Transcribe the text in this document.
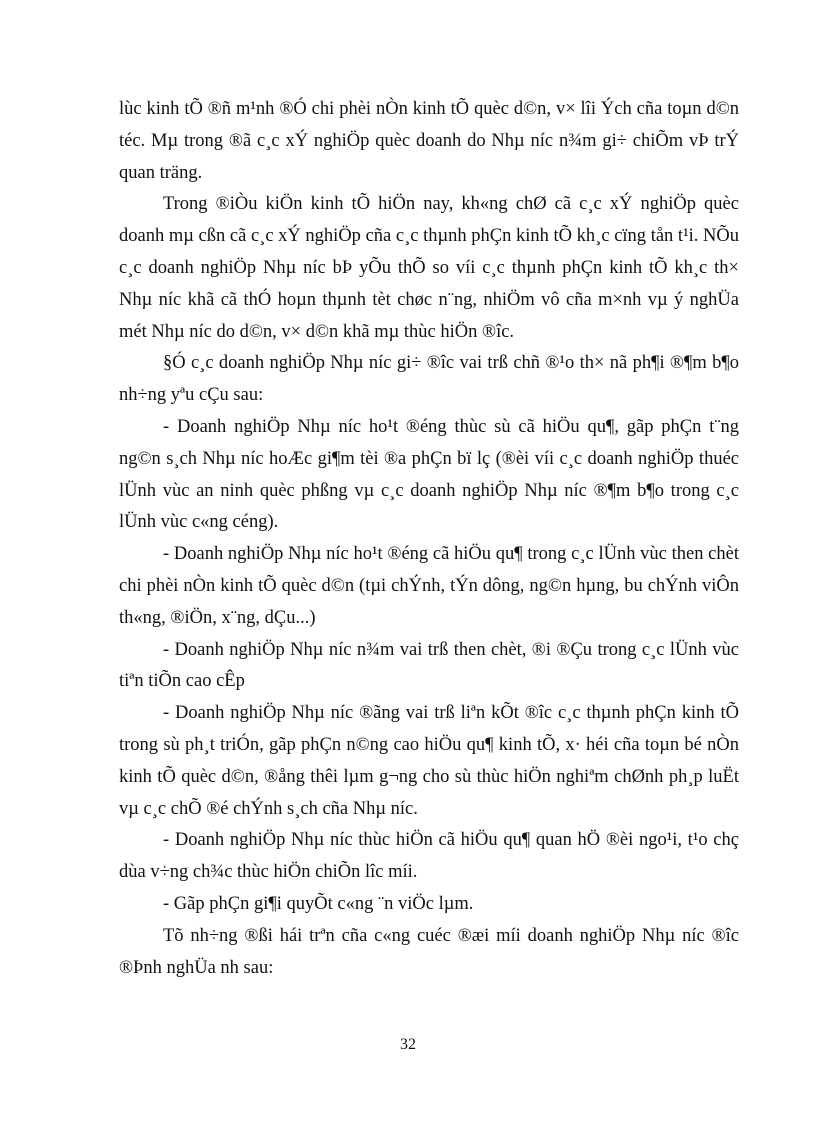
lùc kinh tÕ ®ñ m¹nh ®Ó chi phèi nÒn kinh tÕ quèc d©n, v× lîi Ých cña toµn d©n téc. Mµ trong ®ã c¸c xÝ nghiÖp quèc doanh do Nhµ níc n¾m gi÷ chiÕm vÞ trÝ quan träng.

Trong ®iÒu kiÖn kinh tÕ hiÖn nay, kh«ng chØ cã c¸c xÝ nghiÖp quèc doanh mµ cßn cã c¸c xÝ nghiÖp cña c¸c thµnh phÇn kinh tÕ kh¸c cïng tån t¹i. NÕu c¸c doanh nghiÖp Nhµ níc bÞ yÕu thÕ so víi c¸c thµnh phÇn kinh tÕ kh¸c th× Nhµ níc khã cã thÓ hoµn thµnh tèt chøc n¨ng, nhiÖm vô cña m×nh vµ ý nghÜa mét Nhµ níc do d©n, v× d©n khã mµ thùc hiÖn ®îc.

§Ó c¸c doanh nghiÖp Nhµ níc gi÷ ®îc vai trß chñ ®¹o th× nã ph¶i ®¶m b¶o nh÷ng yªu cÇu sau:

- Doanh nghiÖp Nhµ níc ho¹t ®éng thùc sù cã hiÖu qu¶, gãp phÇn t¨ng ng©n s¸ch Nhµ níc hoÆc gi¶m tèi ®a phÇn bï lç (®èi víi c¸c doanh nghiÖp thuéc lÜnh vùc an ninh quèc phßng vµ c¸c doanh nghiÖp Nhµ níc ®¶m b¶o trong c¸c lÜnh vùc c«ng céng).

- Doanh nghiÖp Nhµ níc ho¹t ®éng cã hiÖu qu¶ trong c¸c lÜnh vùc then chèt chi phèi nÒn kinh tÕ quèc d©n (tµi chÝnh, tÝn dông, ng©n hµng, bu chÝnh viÔn th«ng, ®iÖn, x¨ng, dÇu...)

- Doanh nghiÖp Nhµ níc n¾m vai trß then chèt, ®i ®Çu trong c¸c lÜnh vùc tiªn tiÕn cao cÊp

- Doanh nghiÖp Nhµ níc ®ãng vai trß liªn kÕt ®îc c¸c thµnh phÇn kinh tÕ trong sù ph¸t triÓn, gãp phÇn n©ng cao hiÖu qu¶ kinh tÕ, x· héi cña toµn bé nÒn kinh tÕ quèc d©n, ®ång thêi lµm g¬ng cho sù thùc hiÖn nghiªm chØnh ph¸p luËt vµ c¸c chÕ ®é chÝnh s¸ch cña Nhµ níc.

- Doanh nghiÖp Nhµ níc thùc hiÖn cã hiÖu qu¶ quan hÖ ®èi ngo¹i, t¹o chç dùa v÷ng ch¾c thùc hiÖn chiÕn lîc míi.

- Gãp phÇn gi¶i quyÕt c«ng ¨n viÖc lµm.

Tõ nh÷ng ®ßi hái trªn cña c«ng cuéc ®æi míi doanh nghiÖp Nhµ níc ®îc ®Þnh nghÜa nh sau:

32
